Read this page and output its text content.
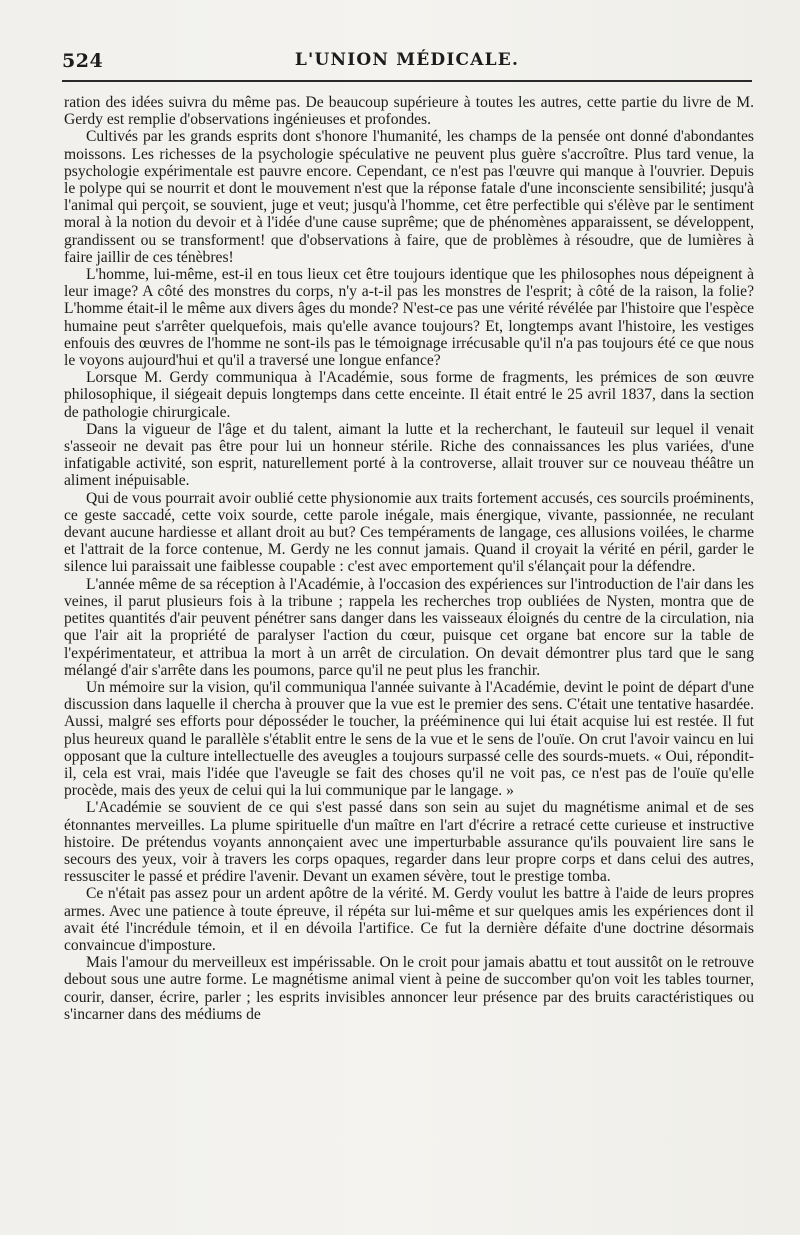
524	L'UNION MÉDICALE.

ration des idées suivra du même pas. De beaucoup supérieure à toutes les autres, cette partie du livre de M. Gerdy est remplie d'observations ingénieuses et profondes.

Cultivés par les grands esprits dont s'honore l'humanité, les champs de la pensée ont donné d'abondantes moissons. Les richesses de la psychologie spéculative ne peuvent plus guère s'accroître. Plus tard venue, la psychologie expérimentale est pauvre encore. Cependant, ce n'est pas l'œuvre qui manque à l'ouvrier. Depuis le polype qui se nourrit et dont le mouvement n'est que la réponse fatale d'une inconsciente sensibilité; jusqu'à l'animal qui perçoit, se souvient, juge et veut; jusqu'à l'homme, cet être perfectible qui s'élève par le sentiment moral à la notion du devoir et à l'idée d'une cause suprême; que de phénomènes apparaissent, se développent, grandissent ou se transforment! que d'observations à faire, que de problèmes à résoudre, que de lumières à faire jaillir de ces ténèbres!

L'homme, lui-même, est-il en tous lieux cet être toujours identique que les philosophes nous dépeignent à leur image? A côté des monstres du corps, n'y a-t-il pas les monstres de l'esprit; à côté de la raison, la folie? L'homme était-il le même aux divers âges du monde? N'est-ce pas une vérité révélée par l'histoire que l'espèce humaine peut s'arrêter quelquefois, mais qu'elle avance toujours? Et, longtemps avant l'histoire, les vestiges enfouis des œuvres de l'homme ne sont-ils pas le témoignage irrécusable qu'il n'a pas toujours été ce que nous le voyons aujourd'hui et qu'il a traversé une longue enfance?

Lorsque M. Gerdy communiqua à l'Académie, sous forme de fragments, les prémices de son œuvre philosophique, il siégeait depuis longtemps dans cette enceinte. Il était entré le 25 avril 1837, dans la section de pathologie chirurgicale.

Dans la vigueur de l'âge et du talent, aimant la lutte et la recherchant, le fauteuil sur lequel il venait s'asseoir ne devait pas être pour lui un honneur stérile. Riche des connaissances les plus variées, d'une infatigable activité, son esprit, naturellement porté à la controverse, allait trouver sur ce nouveau théâtre un aliment inépuisable.

Qui de vous pourrait avoir oublié cette physionomie aux traits fortement accusés, ces sourcils proéminents, ce geste saccadé, cette voix sourde, cette parole inégale, mais énergique, vivante, passionnée, ne reculant devant aucune hardiesse et allant droit au but? Ces tempéraments de langage, ces allusions voilées, le charme et l'attrait de la force contenue, M. Gerdy ne les connut jamais. Quand il croyait la vérité en péril, garder le silence lui paraissait une faiblesse coupable : c'est avec emportement qu'il s'élançait pour la défendre.

L'année même de sa réception à l'Académie, à l'occasion des expériences sur l'introduction de l'air dans les veines, il parut plusieurs fois à la tribune ; rappela les recherches trop oubliées de Nysten, montra que de petites quantités d'air peuvent pénétrer sans danger dans les vaisseaux éloignés du centre de la circulation, nia que l'air ait la propriété de paralyser l'action du cœur, puisque cet organe bat encore sur la table de l'expérimentateur, et attribua la mort à un arrêt de circulation. On devait démontrer plus tard que le sang mélangé d'air s'arrête dans les poumons, parce qu'il ne peut plus les franchir.

Un mémoire sur la vision, qu'il communiqua l'année suivante à l'Académie, devint le point de départ d'une discussion dans laquelle il chercha à prouver que la vue est le premier des sens. C'était une tentative hasardée. Aussi, malgré ses efforts pour déposséder le toucher, la prééminence qui lui était acquise lui est restée. Il fut plus heureux quand le parallèle s'établit entre le sens de la vue et le sens de l'ouïe. On crut l'avoir vaincu en lui opposant que la culture intellectuelle des aveugles a toujours surpassé celle des sourds-muets. « Oui, répondit-il, cela est vrai, mais l'idée que l'aveugle se fait des choses qu'il ne voit pas, ce n'est pas de l'ouïe qu'elle procède, mais des yeux de celui qui la lui communique par le langage. »

L'Académie se souvient de ce qui s'est passé dans son sein au sujet du magnétisme animal et de ses étonnantes merveilles. La plume spirituelle d'un maître en l'art d'écrire a retracé cette curieuse et instructive histoire. De prétendus voyants annonçaient avec une imperturbable assurance qu'ils pouvaient lire sans le secours des yeux, voir à travers les corps opaques, regarder dans leur propre corps et dans celui des autres, ressusciter le passé et prédire l'avenir. Devant un examen sévère, tout le prestige tomba.

Ce n'était pas assez pour un ardent apôtre de la vérité. M. Gerdy voulut les battre à l'aide de leurs propres armes. Avec une patience à toute épreuve, il répéta sur lui-même et sur quelques amis les expériences dont il avait été l'incrédule témoin, et il en dévoila l'artifice. Ce fut la dernière défaite d'une doctrine désormais convaincue d'imposture.

Mais l'amour du merveilleux est impérissable. On le croit pour jamais abattu et tout aussitôt on le retrouve debout sous une autre forme. Le magnétisme animal vient à peine de succomber qu'on voit les tables tourner, courir, danser, écrire, parler ; les esprits invisibles annoncer leur présence par des bruits caractéristiques ou s'incarner dans des médiums de
